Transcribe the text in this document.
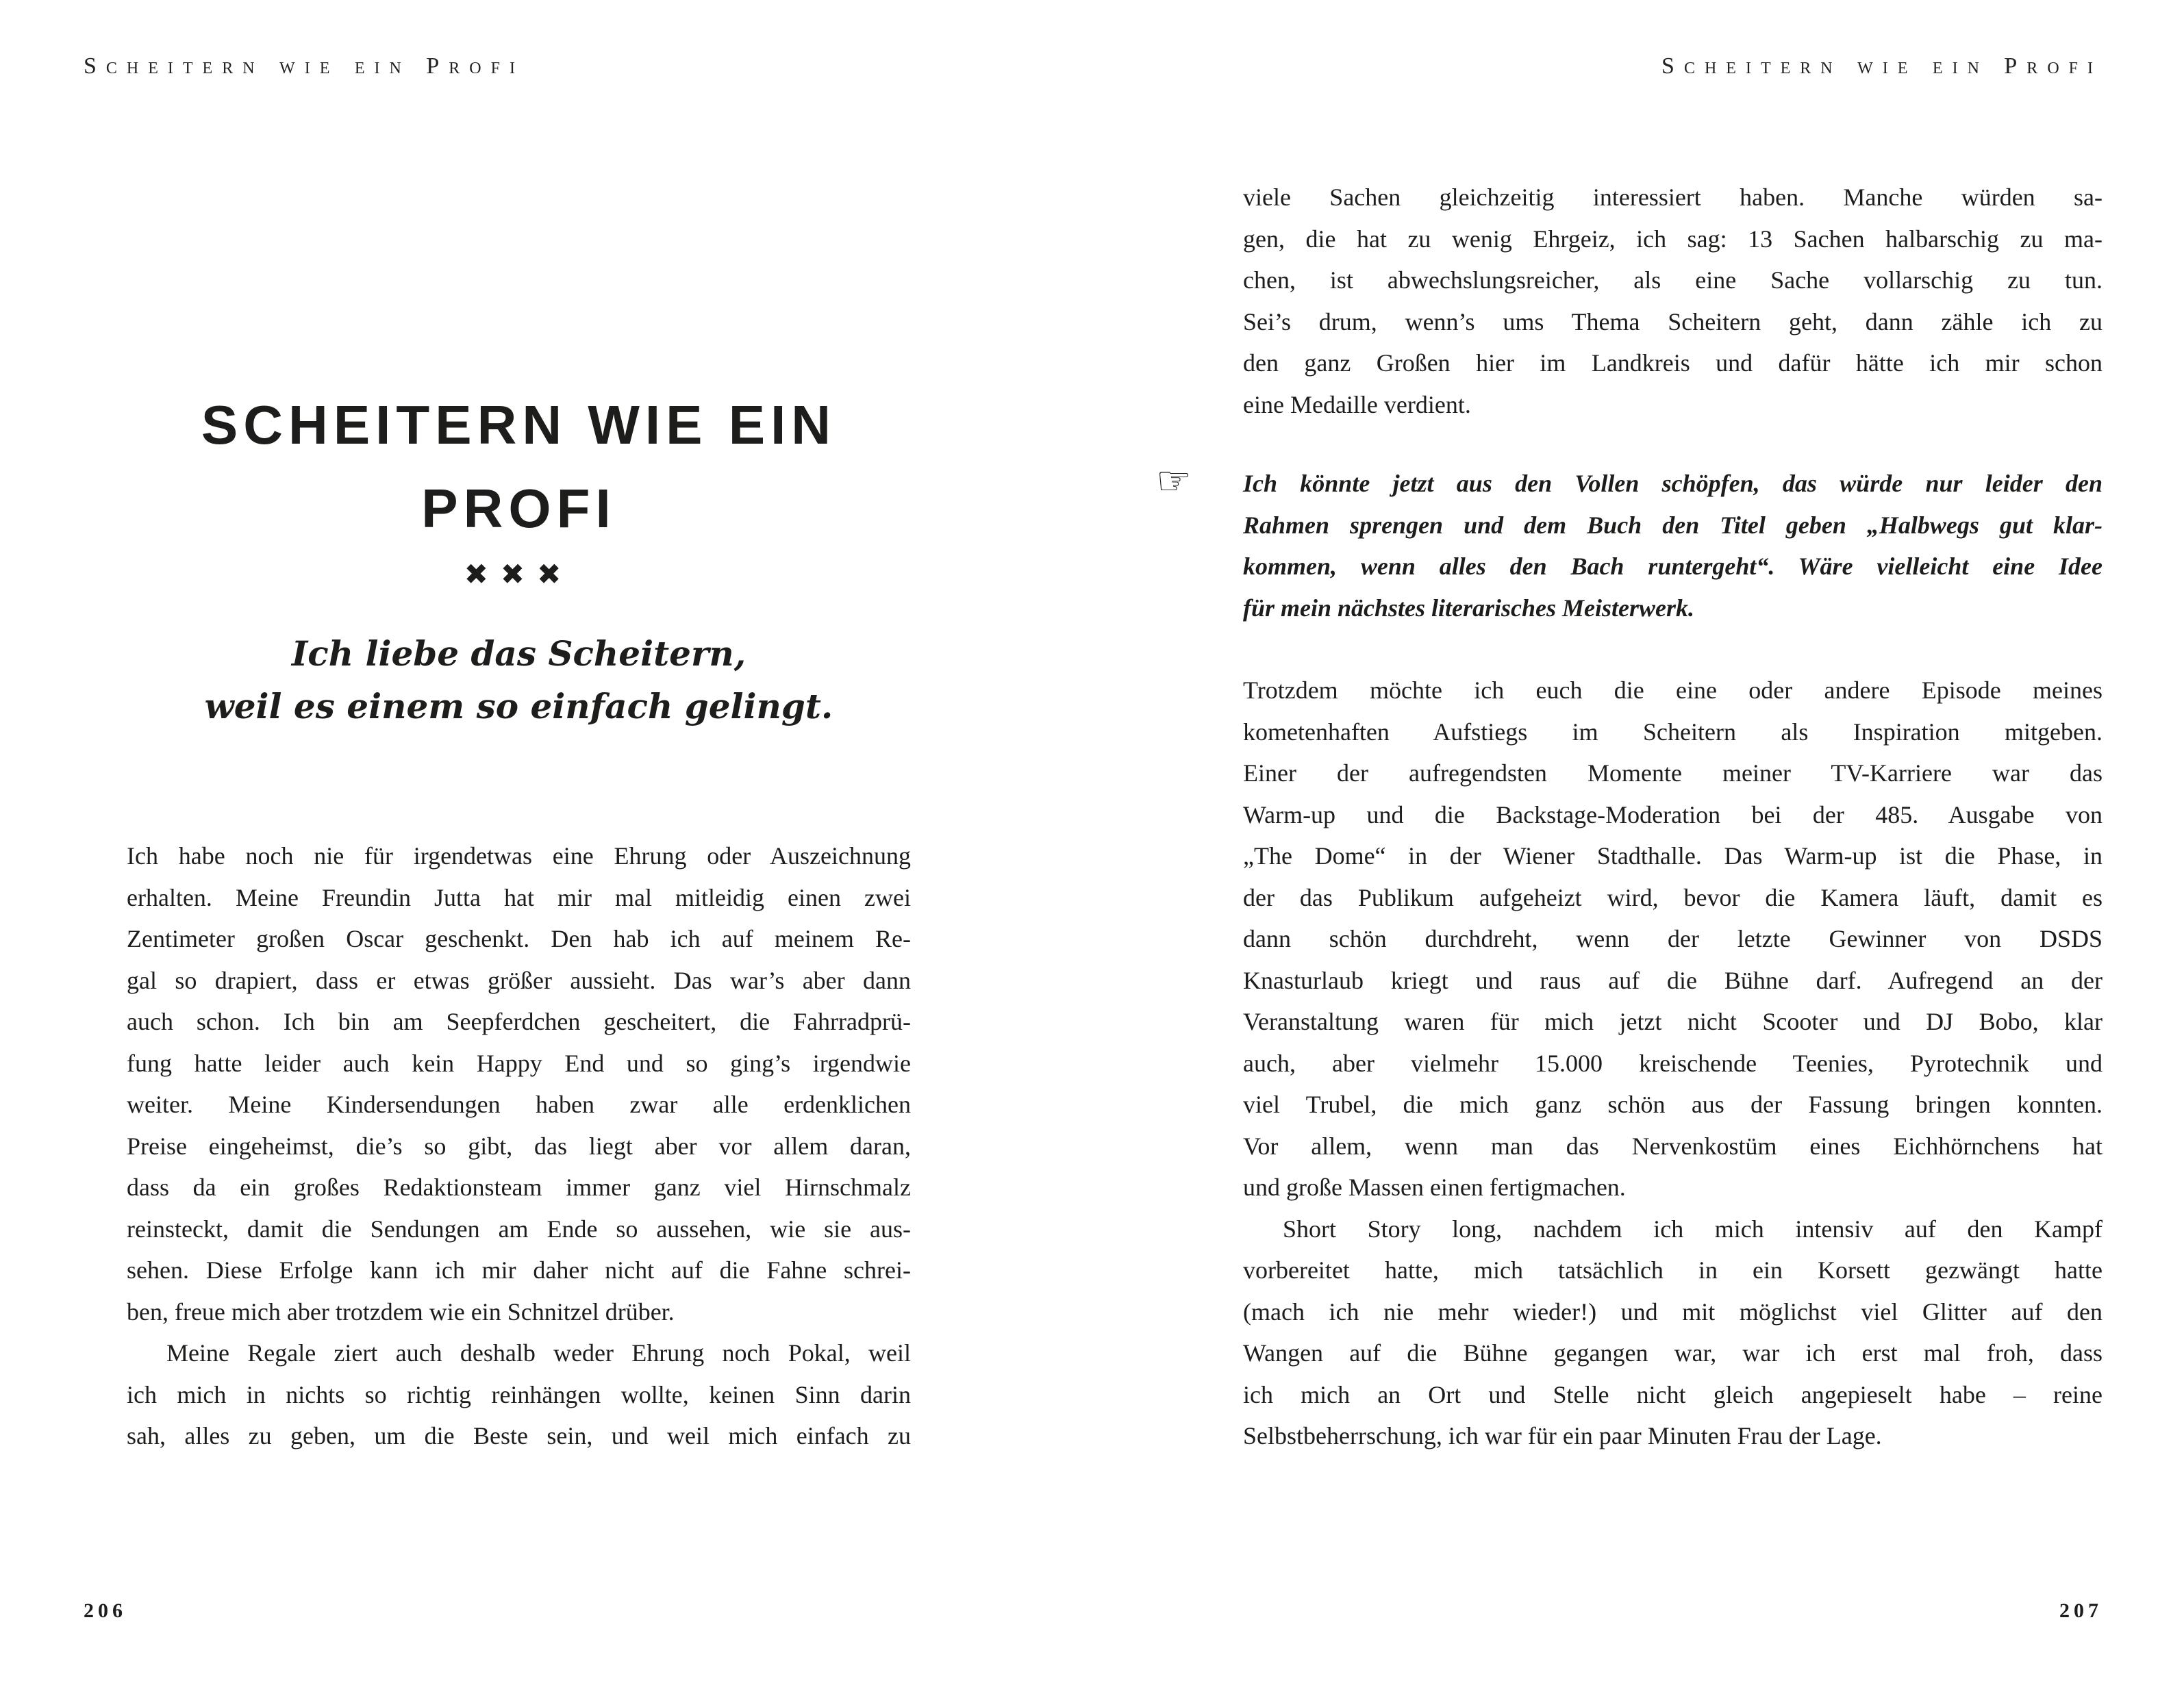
Scheitern wie ein Profi	Scheitern wie ein Profi
SCHEITERN WIE EIN
PROFI
✖✖✖
Ich liebe das Scheitern,
weil es einem so einfach gelingt.
Ich habe noch nie für irgendetwas eine Ehrung oder Auszeichnung
erhalten. Meine Freundin Jutta hat mir mal mitleidig einen zwei
Zentimeter großen Oscar geschenkt. Den hab ich auf meinem Re-
gal so drapiert, dass er etwas größer aussieht. Das war’s aber dann
auch schon. Ich bin am Seepferdchen gescheitert, die Fahrradprü-
fung hatte leider auch kein Happy End und so ging’s irgendwie
weiter. Meine Kindersendungen haben zwar alle erdenklichen
Preise eingeheimst, die’s so gibt, das liegt aber vor allem daran,
dass da ein großes Redaktionsteam immer ganz viel Hirnschmalz
reinsteckt, damit die Sendungen am Ende so aussehen, wie sie aus-
sehen. Diese Erfolge kann ich mir daher nicht auf die Fahne schrei-
ben, freue mich aber trotzdem wie ein Schnitzel drüber.
Meine Regale ziert auch deshalb weder Ehrung noch Pokal, weil
ich mich in nichts so richtig reinhängen wollte, keinen Sinn darin
sah, alles zu geben, um die Beste sein, und weil mich einfach zu
viele Sachen gleichzeitig interessiert haben. Manche würden sa-
gen, die hat zu wenig Ehrgeiz, ich sag: 13 Sachen halbarschig zu ma-
chen, ist abwechslungsreicher, als eine Sache vollarschig zu tun.
Sei’s drum, wenn’s ums Thema Scheitern geht, dann zähle ich zu
den ganz Großen hier im Landkreis und dafür hätte ich mir schon
eine Medaille verdient.
☞ Ich könnte jetzt aus den Vollen schöpfen, das würde nur leider den
Rahmen sprengen und dem Buch den Titel geben „Halbwegs gut klar-
kommen, wenn alles den Bach runtergeht“. Wäre vielleicht eine Idee
für mein nächstes literarisches Meisterwerk.
Trotzdem möchte ich euch die eine oder andere Episode meines
kometenhaften Aufstiegs im Scheitern als Inspiration mitgeben.
Einer der aufregendsten Momente meiner TV-Karriere war das
Warm-up und die Backstage-Moderation bei der 485. Ausgabe von
„The Dome“ in der Wiener Stadthalle. Das Warm-up ist die Phase, in
der das Publikum aufgeheizt wird, bevor die Kamera läuft, damit es
dann schön durchdreht, wenn der letzte Gewinner von DSDS
Knasturlaub kriegt und raus auf die Bühne darf. Aufregend an der
Veranstaltung waren für mich jetzt nicht Scooter und DJ Bobo, klar
auch, aber vielmehr 15.000 kreischende Teenies, Pyrotechnik und
viel Trubel, die mich ganz schön aus der Fassung bringen konnten.
Vor allem, wenn man das Nervenkostüm eines Eichhörnchens hat
und große Massen einen fertigmachen.
Short Story long, nachdem ich mich intensiv auf den Kampf
vorbereitet hatte, mich tatsächlich in ein Korsett gezwängt hatte
(mach ich nie mehr wieder!) und mit möglichst viel Glitter auf den
Wangen auf die Bühne gegangen war, war ich erst mal froh, dass
ich mich an Ort und Stelle nicht gleich angepieselt habe – reine
Selbstbeherrschung, ich war für ein paar Minuten Frau der Lage.
206	207
